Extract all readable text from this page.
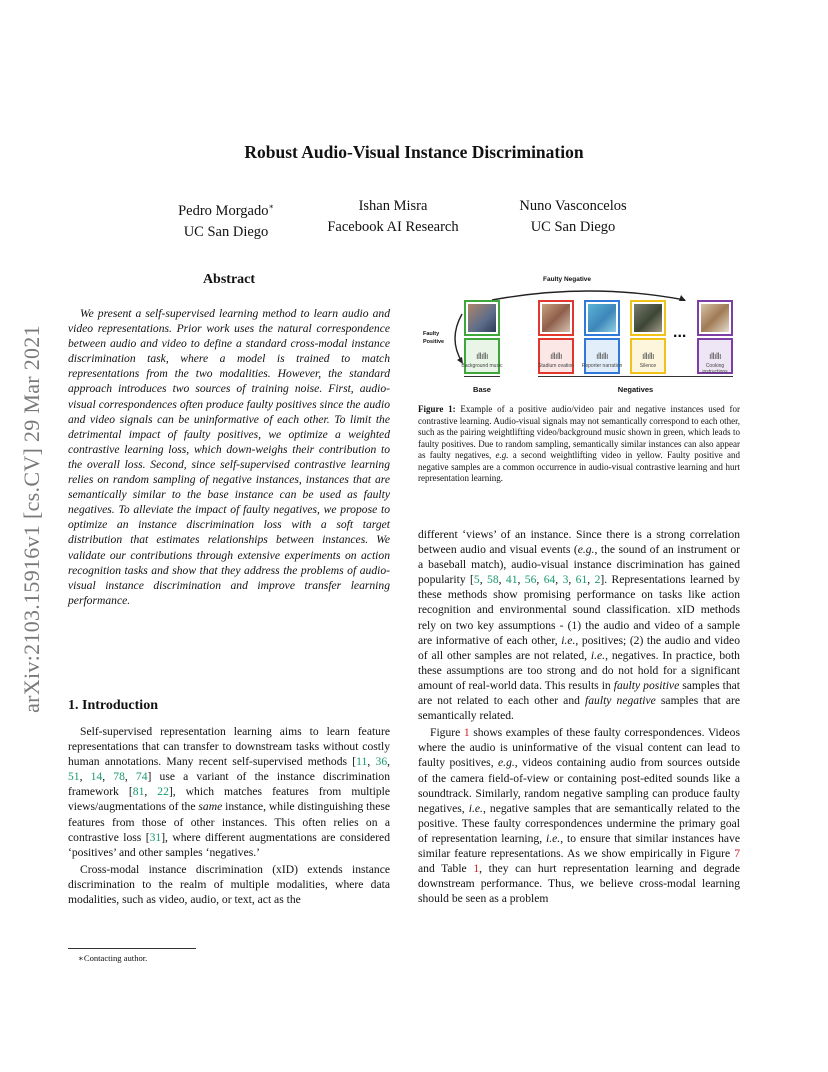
Robust Audio-Visual Instance Discrimination
Pedro Morgado∗
UC San Diego
Ishan Misra
Facebook AI Research
Nuno Vasconcelos
UC San Diego
arXiv:2103.15916v1 [cs.CV] 29 Mar 2021
Abstract

We present a self-supervised learning method to learn audio and video representations. Prior work uses the natural correspondence between audio and video to define a standard cross-modal instance discrimination task, where a model is trained to match representations from the two modalities. However, the standard approach introduces two sources of training noise. First, audio-visual correspondences often produce faulty positives since the audio and video signals can be uninformative of each other. To limit the detrimental impact of faulty positives, we optimize a weighted contrastive learning loss, which down-weighs their contribution to the overall loss. Second, since self-supervised contrastive learning relies on random sampling of negative instances, instances that are semantically similar to the base instance can be used as faulty negatives. To alleviate the impact of faulty negatives, we propose to optimize an instance discrimination loss with a soft target distribution that estimates relationships between instances. We validate our contributions through extensive experiments on action recognition tasks and show that they address the problems of audio-visual instance discrimination and improve transfer learning performance.

1. Introduction

Self-supervised representation learning aims to learn feature representations that can transfer to downstream tasks without costly human annotations. Many recent self-supervised methods [11, 36, 51, 14, 78, 74] use a variant of the instance discrimination framework [81, 22], which matches features from multiple views/augmentations of the same instance, while distinguishing these features from those of other instances. This often relies on a contrastive loss [31], where different augmentations are considered ‘positives’ and other samples ‘negatives.’

Cross-modal instance discrimination (xID) extends instance discrimination to the realm of multiple modalities, where data modalities, such as video, audio, or text, act as the

∗Contacting author.
Faulty Negative
Faulty Positive
...
ıllıllı	ıllıllı	ıllıllı	ıllıllı	ıllıllı
Background music	Stadium ovation	Reporter narration	Silence	Cooking instructions
Base	Negatives
Figure 1: Example of a positive audio/video pair and negative instances used for contrastive learning. Audio-visual signals may not semantically correspond to each other, such as the pairing weightlifting video/background music shown in green, which leads to faulty positives. Due to random sampling, semantically similar instances can also appear as faulty negatives, e.g. a second weightlifting video in yellow. Faulty positive and negative samples are a common occurrence in audio-visual contrastive learning and hurt representation learning.

different ‘views’ of an instance. Since there is a strong correlation between audio and visual events (e.g., the sound of an instrument or a baseball match), audio-visual instance discrimination has gained popularity [5, 58, 41, 56, 64, 3, 61, 2]. Representations learned by these methods show promising performance on tasks like action recognition and environmental sound classification. xID methods rely on two key assumptions - (1) the audio and video of a sample are informative of each other, i.e., positives; (2) the audio and video of all other samples are not related, i.e., negatives. In practice, both these assumptions are too strong and do not hold for a significant amount of real-world data. This results in faulty positive samples that are not related to each other and faulty negative samples that are semantically related.

Figure 1 shows examples of these faulty correspondences. Videos where the audio is uninformative of the visual content can lead to faulty positives, e.g., videos containing audio from sources outside of the camera field-of-view or containing post-edited sounds like a soundtrack. Similarly, random negative sampling can produce faulty negatives, i.e., negative samples that are semantically related to the positive. These faulty correspondences undermine the primary goal of representation learning, i.e., to ensure that similar instances have similar feature representations. As we show empirically in Figure 7 and Table 1, they can hurt representation learning and degrade downstream performance. Thus, we believe cross-modal learning should be seen as a problem
